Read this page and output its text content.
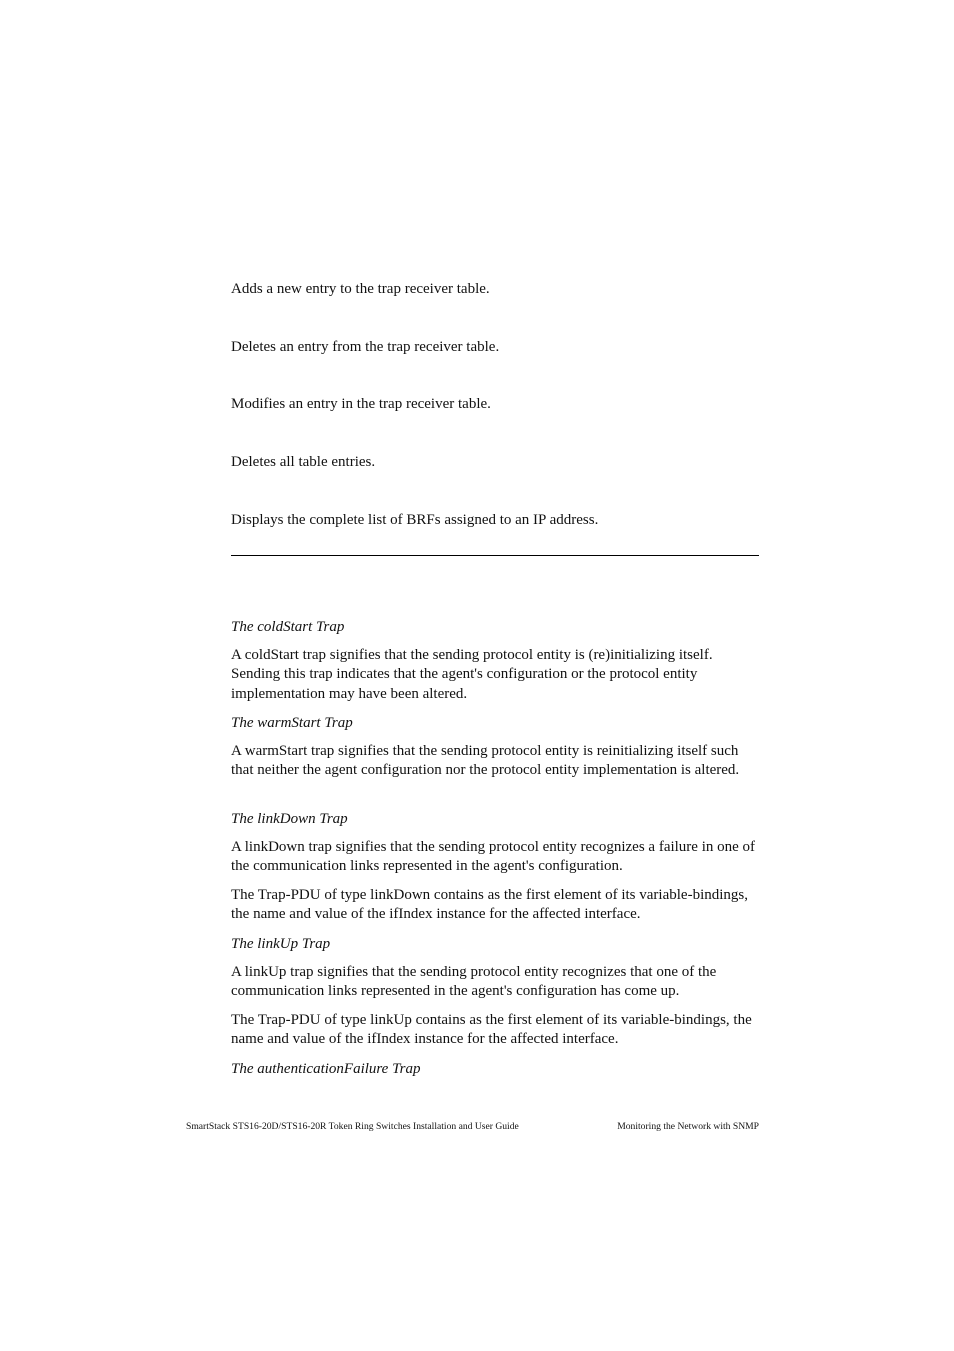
Adds a new entry to the trap receiver table.
Deletes an entry from the trap receiver table.
Modifies an entry in the trap receiver table.
Deletes all table entries.
Displays the complete list of BRFs assigned to an IP address.
The coldStart Trap
A coldStart trap signifies that the sending protocol entity is (re)initializing itself. Sending this trap indicates that the agent's configuration or the protocol entity implementation may have been altered.
The warmStart Trap
A warmStart trap signifies that the sending protocol entity is reinitializing itself such that neither the agent configuration nor the protocol entity implementation is altered.
The linkDown Trap
A linkDown trap signifies that the sending protocol entity recognizes a failure in one of the communication links represented in the agent's configuration.
The Trap-PDU of type linkDown contains as the first element of its variable-bindings, the name and value of the ifIndex instance for the affected interface.
The linkUp Trap
A linkUp trap signifies that the sending protocol entity recognizes that one of the communication links represented in the agent's configuration has come up.
The Trap-PDU of type linkUp contains as the first element of its variable-bindings, the name and value of the ifIndex instance for the affected interface.
The authenticationFailure Trap
SmartStack STS16-20D/STS16-20R Token Ring Switches Installation and User Guide	Monitoring the Network with SNMP
